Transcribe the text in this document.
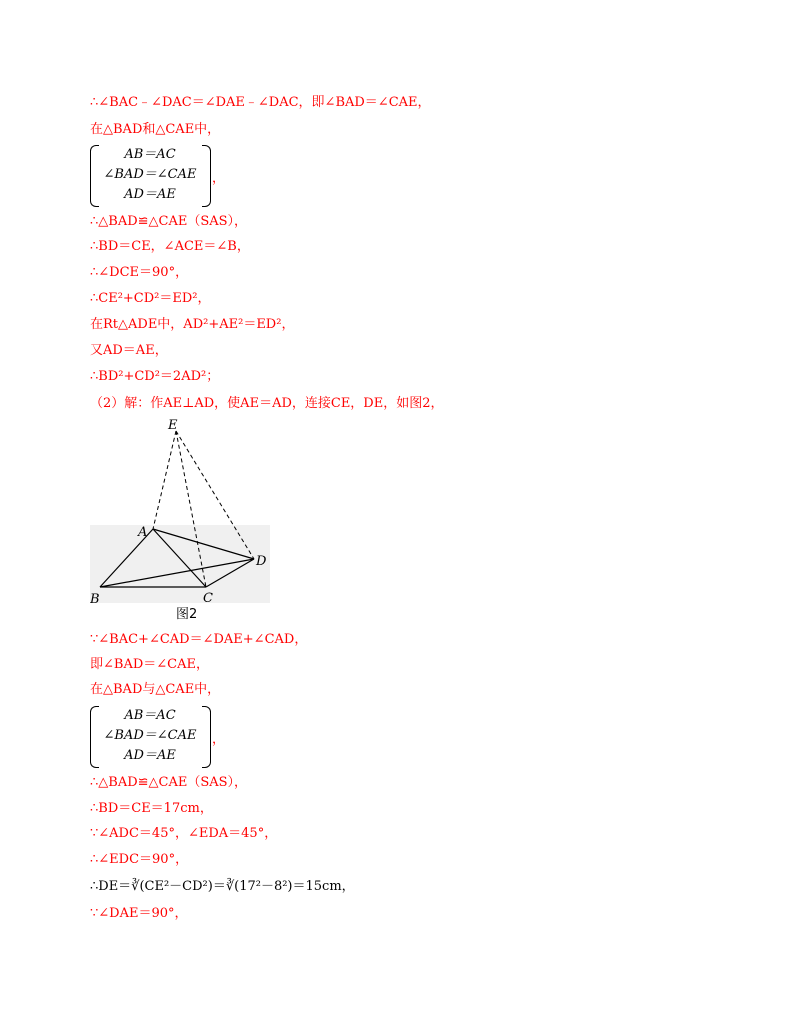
∴∠BAC﹣∠DAC＝∠DAE﹣∠DAC，即∠BAD＝∠CAE，
在△BAD和△CAE中，
AB＝AC
∠BAD＝∠CAE
AD＝AE
，
∴△BAD≌△CAE（SAS），
∴BD＝CE，∠ACE＝∠B，
∴∠DCE＝90°，
∴CE²+CD²＝ED²，
在Rt△ADE中，AD²+AE²＝ED²，
又AD＝AE，
∴BD²+CD²＝2AD²；
（2）解：作AE⊥AD，使AE＝AD，连接CE，DE，如图2，
E
A
B	C
D
图2
∵∠BAC+∠CAD＝∠DAE+∠CAD，
即∠BAD＝∠CAE，
在△BAD与△CAE中，
AB＝AC
∠BAD＝∠CAE
AD＝AE
，
∴△BAD≌△CAE（SAS），
∴BD＝CE＝17cm，
∵∠ADC＝45°，∠EDA＝45°，
∴∠EDC＝90°，
∴DE＝∛(CE²－CD²)＝∛(17²－8²)＝15cm，
∵∠DAE＝90°，
